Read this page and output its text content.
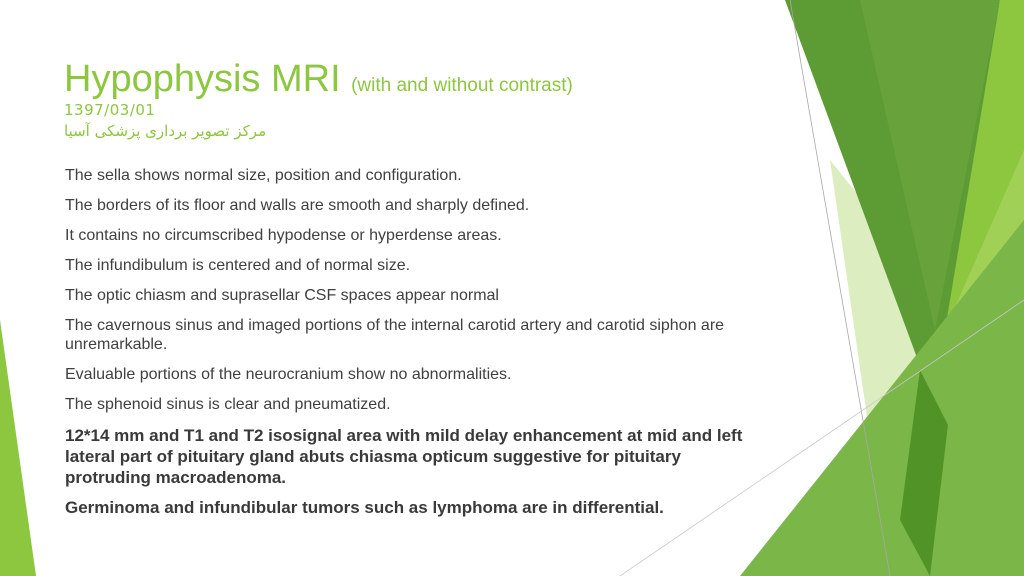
Hypophysis MRI (with and without contrast)
1397/03/01
مرکز تصویر برداری پزشکی آسیا
The sella shows normal size, position and configuration.
The borders of its floor and walls are smooth and sharply defined.
It contains no circumscribed hypodense or hyperdense areas.
The infundibulum is centered and of normal size.
The optic chiasm and suprasellar CSF spaces appear normal
The cavernous sinus and imaged portions of the internal carotid artery and carotid siphon are unremarkable.
Evaluable portions of the neurocranium show no abnormalities.
The sphenoid sinus is clear and pneumatized.
12*14 mm and T1 and T2 isosignal area with mild delay enhancement at mid and left lateral part of pituitary gland abuts chiasma opticum suggestive for pituitary protruding macroadenoma.
Germinoma and infundibular tumors such as lymphoma are in differential.
